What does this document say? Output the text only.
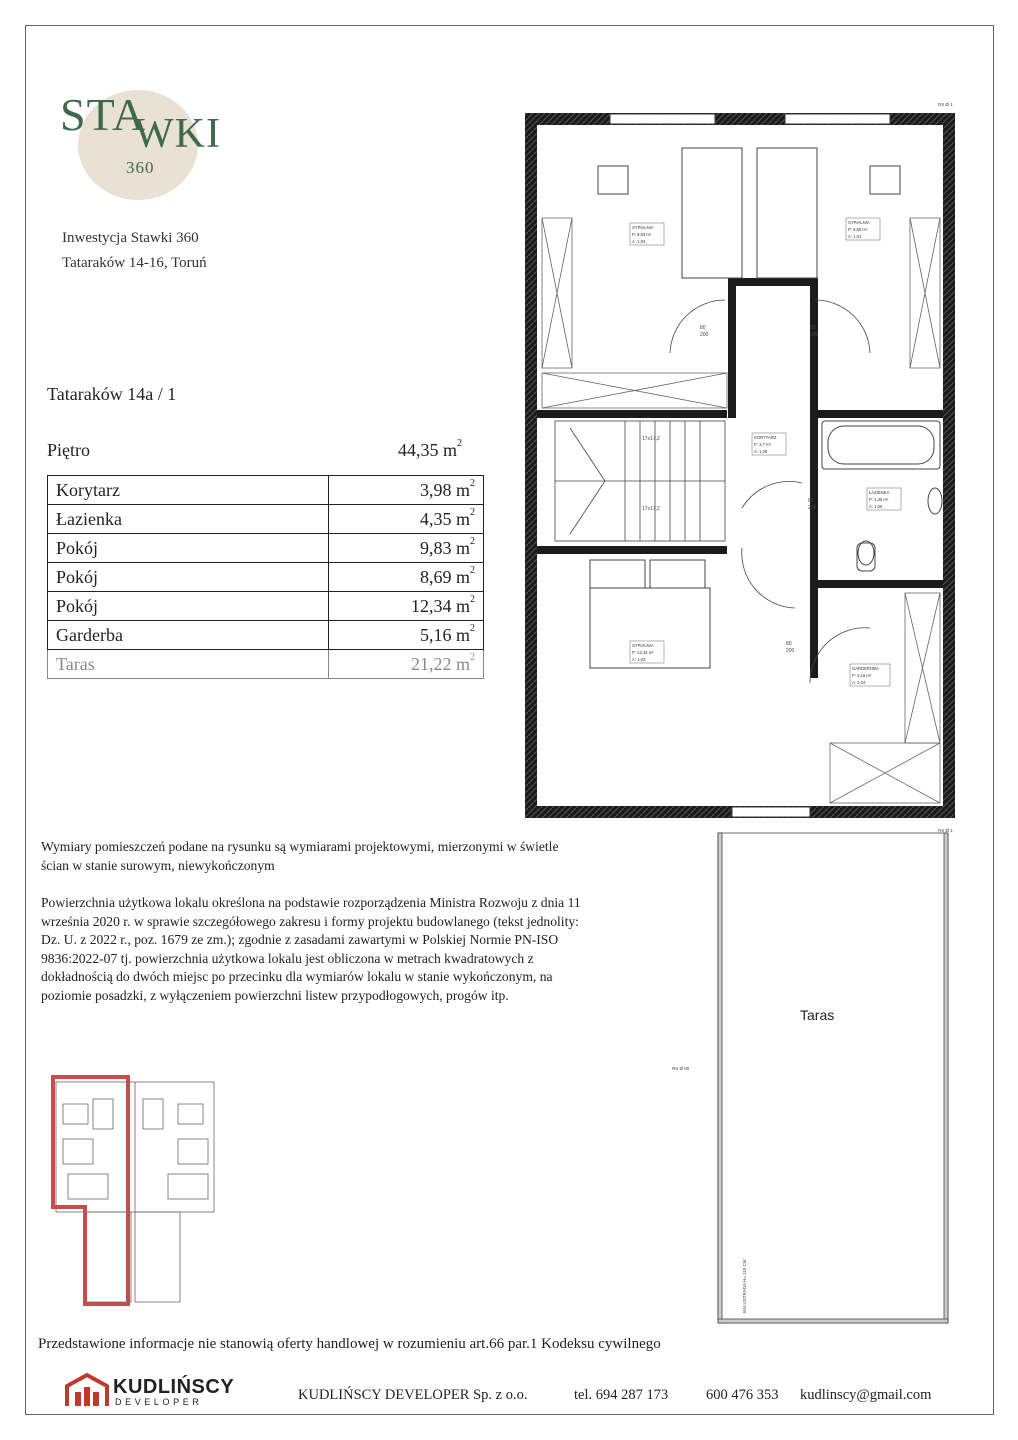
STA
WKI
360
Inwestycja Stawki 360
Tataraków 14-16, Toruń
Tataraków 14a / 1
Piętro	44,35 $m^2$
Korytarz	3,98 $m^2$
Łazienka	4,35 $m^2$
Pokój	9,83 $m^2$
Pokój	8,69 $m^2$
Pokój	12,34 $m^2$
Garderba	5,16 $m^2$
Taras	21,22 $m^2$
Wymiary pomieszczeń podane na rysunku są wymiarami projektowymi, mierzonymi w świetle ścian w stanie surowym, niewykończonym
Powierzchnia użytkowa lokalu określona na podstawie rozporządzenia Ministra Rozwoju z dnia 11 września 2020 r. w sprawie szczegółowego zakresu i formy projektu budowlanego (tekst jednolity: Dz. U. z 2022 r., poz. 1679 ze zm.); zgodnie z zasadami zawartymi w Polskiej Normie PN-ISO 9836:2022-07 tj. powierzchnia użytkowa lokalu jest obliczona w metrach kwadratowych z dokładnością do dwóch miejsc po przecinku dla wymiarów lokalu w stanie wykończonym, na poziomie posadzki, z wyłączeniem powierzchni listew przypodłogowych, progów itp.
17x17,2
17x17,2
80
200
80
200
80
200
80
200
SYPIALNIA
P: 9,83 m²
A: 1,03
SYPIALNIA
P: 8,69 m²
A: 1,01
KORYTARZ
P: 3,7 m²
A: 1,06
ŁAZIENKA
P: 4,35 m²
A: 1,05
SYPIALNIA
P: 12,34 m²
A: 1,03
GARDEROBA
P: 5,16 m²
A: 1,04
Taras
BALUSTRADA H= 110 CM
RS Ø 1
RS Ø 1
RS Ø 80
Przedstawione informacje nie stanowią oferty handlowej w rozumieniu art.66 par.1 Kodeksu cywilnego
KUDLIŃSCY
DEVELOPER	KUDLIŃSCY DEVELOPER Sp. z o.o.	tel. 694 287 173	600 476 353 kudlinscy@gmail.com
